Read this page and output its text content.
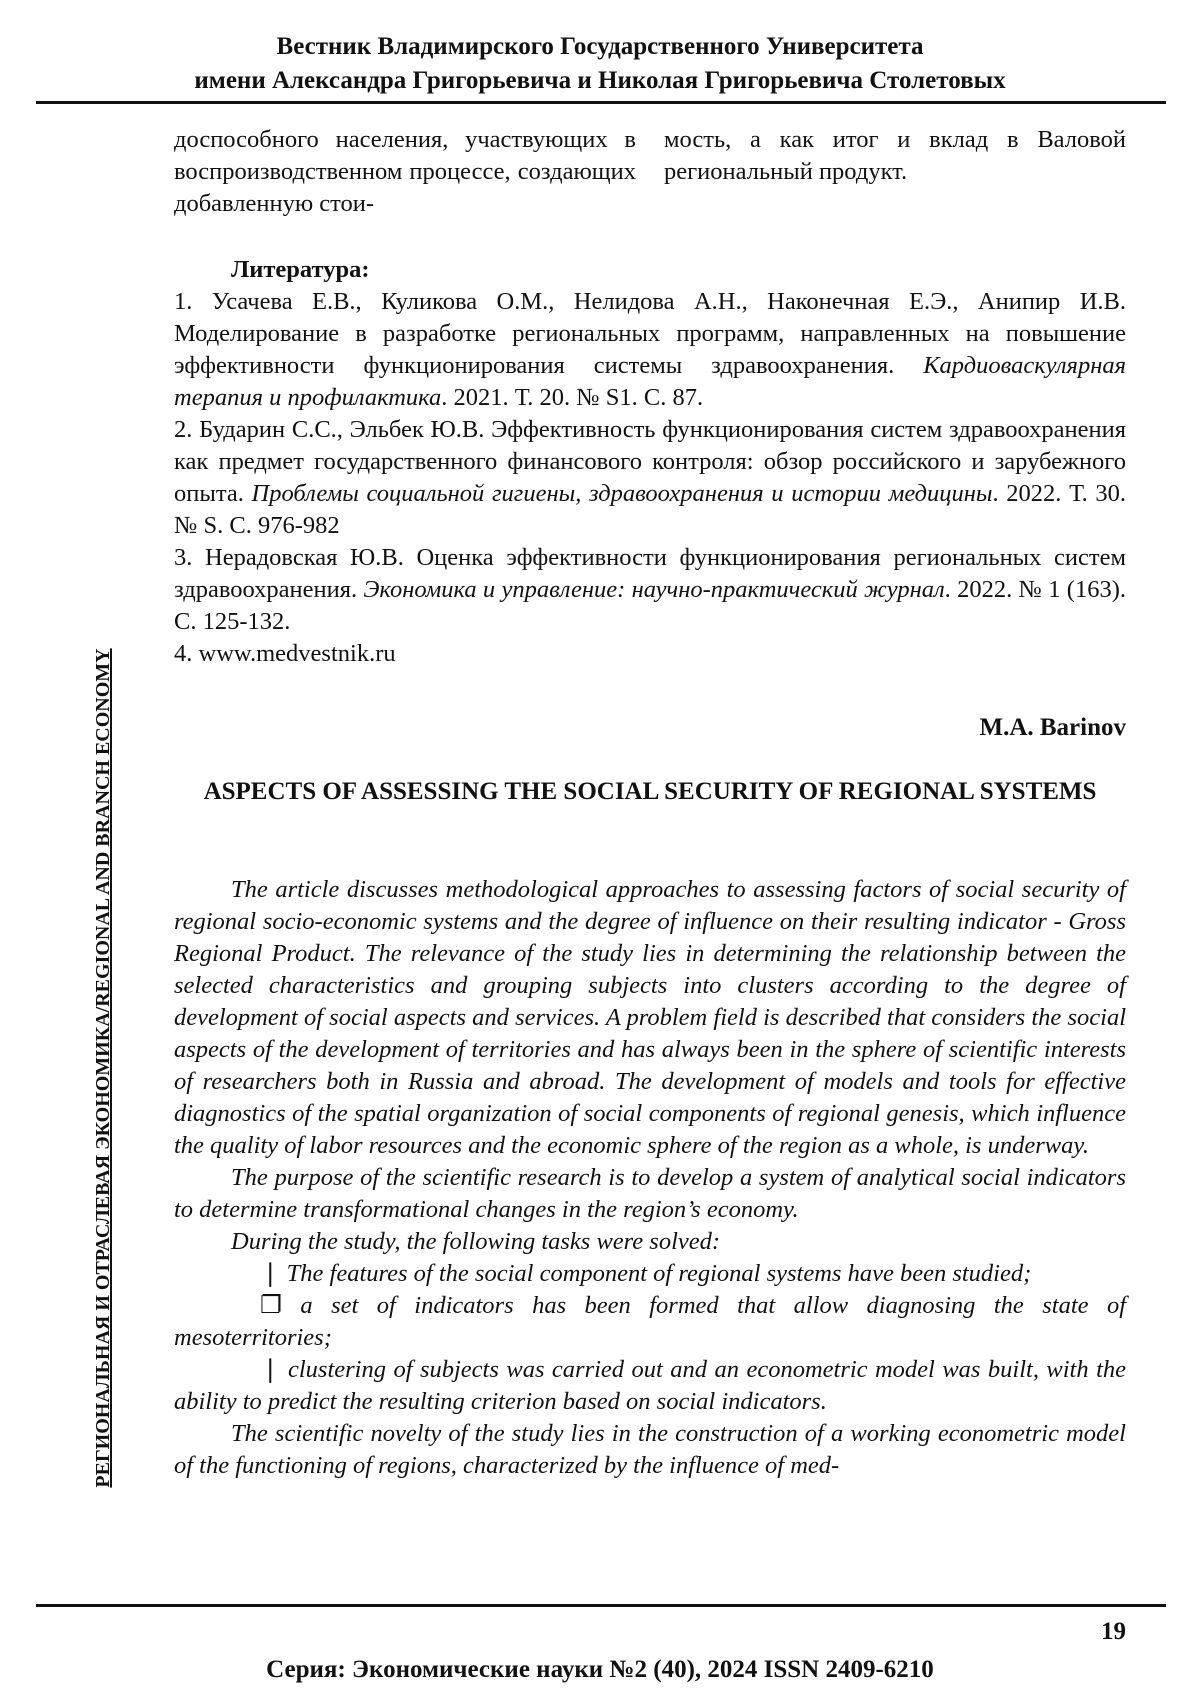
Вестник Владимирского Государственного Университета
имени Александра Григорьевича и Николая Григорьевича Столетовых
РЕГИОНАЛЬНАЯ И ОТРАСЛЕВАЯ ЭКОНОМИКА/REGIONAL AND BRANCH ECONOMY
доспособного населения, участвующих в воспроизводственном процессе, создающих добавленную стои-
мость, а как итог и вклад в Валовой региональный продукт.
Литература:

1. Усачева Е.В., Куликова О.М., Нелидова А.Н., Наконечная Е.Э., Анипир И.В. Моделирование в разработке региональных программ, направленных на повышение эффективности функционирования системы здравоохранения. Кардиоваскулярная терапия и профилактика. 2021. Т. 20. № S1. С. 87.

2. Бударин С.С., Эльбек Ю.В. Эффективность функционирования систем здравоохранения как предмет государственного финансового контроля: обзор российского и зарубежного опыта. Проблемы социальной гигиены, здравоохранения и истории медицины. 2022. Т. 30. № S. С. 976-982

3. Нерадовская Ю.В. Оценка эффективности функционирования региональных систем здравоохранения. Экономика и управление: научно-практический журнал. 2022. № 1 (163). С. 125-132.

4. www.medvestnik.ru

M.A. Barinov
ASPECTS OF ASSESSING THE SOCIAL SECURITY OF REGIONAL SYSTEMS

The article discusses methodological approaches to assessing factors of social security of regional socio-economic systems and the degree of influence on their resulting indicator - Gross Regional Product. The relevance of the study lies in determining the relationship between the selected characteristics and grouping subjects into clusters according to the degree of development of social aspects and services. A problem field is described that considers the social aspects of the development of territories and has always been in the sphere of scientific interests of researchers both in Russia and abroad. The development of models and tools for effective diagnostics of the spatial organization of social components of regional genesis, which influence the quality of labor resources and the economic sphere of the region as a whole, is underway.

The purpose of the scientific research is to develop a system of analytical social indicators to determine transformational changes in the region’s economy.

During the study, the following tasks were solved:

❘ The features of the social component of regional systems have been studied;

❐ a set of indicators has been formed that allow diagnosing the state of mesoterritories;

❘ clustering of subjects was carried out and an econometric model was built, with the ability to predict the resulting criterion based on social indicators.

The scientific novelty of the study lies in the construction of a working econometric model of the functioning of regions, characterized by the influence of med-

19
Серия: Экономические науки №2 (40), 2024 ISSN 2409-6210
